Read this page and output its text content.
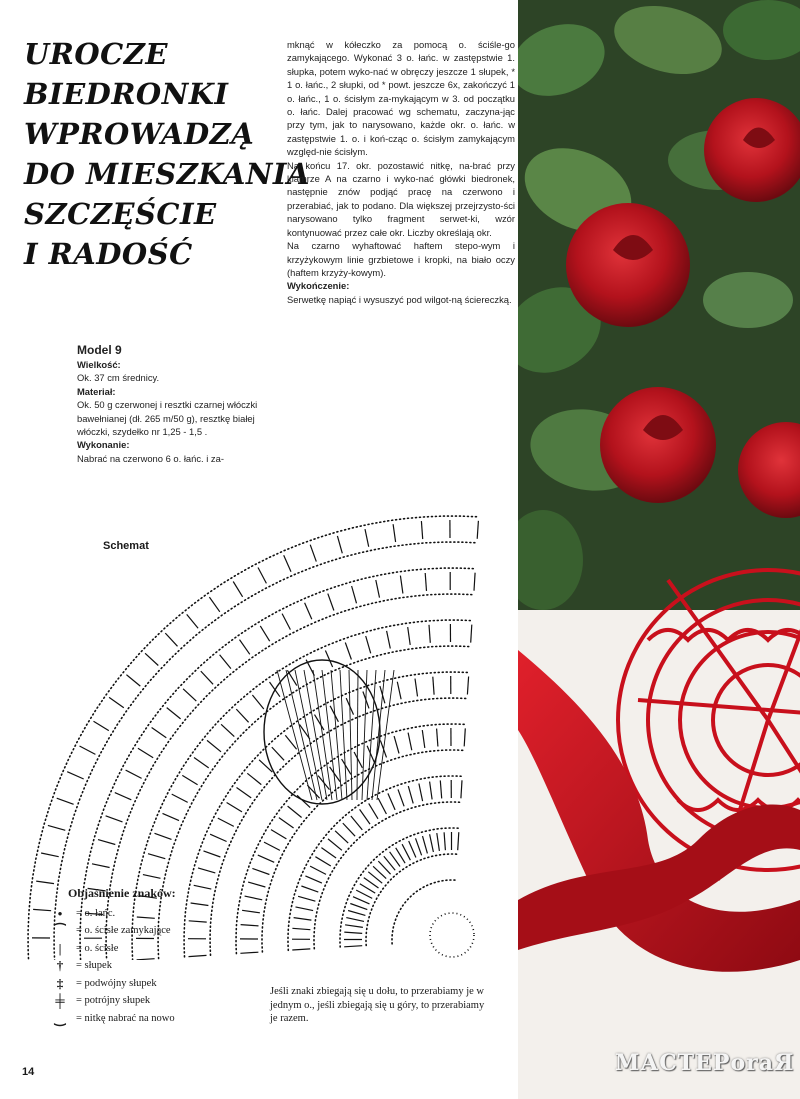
UROCZE
BIEDRONKI
WPROWADZĄ
DO MIESZKANIA
SZCZĘŚCIE
I RADOŚĆ

mknąć w kółeczko za pomocą o. ściśle-go zamykającego. Wykonać 3 o. łańc. w zastępstwie 1. słupka, potem wyko-nać w obręczy jeszcze 1 słupek, * 1 o. łańc., 2 słupki, od * powt. jeszcze 6x, zakończyć 1 o. łańc., 1 o. ścisłym za-mykającym w 3. od początku o. łańc. Dalej pracować wg schematu, zaczyna-jąc przy tym, jak to narysowano, każde okr. o. łańc. w zastępstwie 1. o. i koń-cząc o. ścisłym zamykającym względ-nie ścisłym.

Na końcu 17. okr. pozostawić nitkę, na-brać przy klamrze A na czarno i wyko-nać główki biedronek, następnie znów podjąć pracę na czerwono i przerabiać, jak to podano. Dla większej przejrzysto-ści narysowano tylko fragment serwet-ki, wzór kontynuować przez całe okr. Liczby określają okr.

Na czarno wyhaftować haftem stepo-wym i krzyżykowym linie grzbietowe i kropki, na biało oczy (haftem krzyży-kowym).

Wykończenie:

Serwetkę napiąć i wysuszyć pod wilgot-ną ściereczką.

Model 9

Wielkość:

Ok. 37 cm średnicy.

Materiał:

Ok. 50 g czerwonej i resztki czarnej włóczki bawełnianej (dł. 265 m/50 g), resztkę białej włóczki, szydełko nr 1,25 - 1,5 .

Wykonanie:

Nabrać na czerwono 6 o. łańc. i za-

Schemat
Objaśnienie znaków:
•	= o. łańc.
⁀	= o. ścisłe zamykające
|	= o. ścisłe
†	= słupek
‡	= podwójny słupek
╪	= potrójny słupek
‿	= nitkę nabrać na nowo
Jeśli znaki zbiegają się u dołu, to przerabiamy je w jednym o., jeśli zbiegają się u góry, to przerabiamy je razem.
14	МАСТЕРоrаЯ
